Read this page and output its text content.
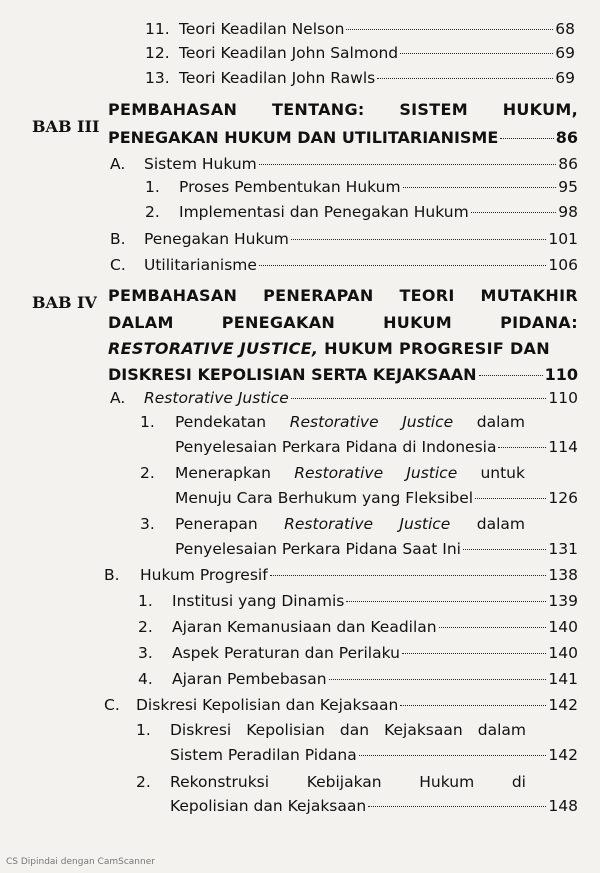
11. Teori Keadilan Nelson	68
12. Teori Keadilan John Salmond	69
13. Teori Keadilan John Rawls	69
BAB III
PEMBAHASAN TENTANG: SISTEM HUKUM,
PENEGAKAN HUKUM DAN UTILITARIANISME	86
A.	Sistem Hukum	86
1.	Proses Pembentukan Hukum	95
2.	Implementasi dan Penegakan Hukum	98
B.	Penegakan Hukum	101
C.	Utilitarianisme	106
BAB IV PEMBAHASAN PENERAPAN TEORI MUTAKHIR
DALAM	PENEGAKAN	HUKUM	PIDANA:
RESTORATIVE JUSTICE, HUKUM PROGRESIF DAN
DISKRESI KEPOLISIAN SERTA KEJAKSAAN	110
A.	Restorative Justice	110
1.	Pendekatan Restorative Justice dalam
Penyelesaian Perkara Pidana di Indonesia	114
2.	Menerapkan Restorative Justice untuk
Menuju Cara Berhukum yang Fleksibel	126
3.	Penerapan Restorative Justice dalam
Penyelesaian Perkara Pidana Saat Ini	131
B.	Hukum Progresif	138
1.	Institusi yang Dinamis	139
2.	Ajaran Kemanusiaan dan Keadilan	140
3.	Aspek Peraturan dan Perilaku	140
4.	Ajaran Pembebasan	141
C.	Diskresi Kepolisian dan Kejaksaan	142
1.	Diskresi Kepolisian dan Kejaksaan dalam
Sistem Peradilan Pidana	142
2.	Rekonstruksi Kebijakan Hukum di
Kepolisian dan Kejaksaan	148
CS Dipindai dengan CamScanner
